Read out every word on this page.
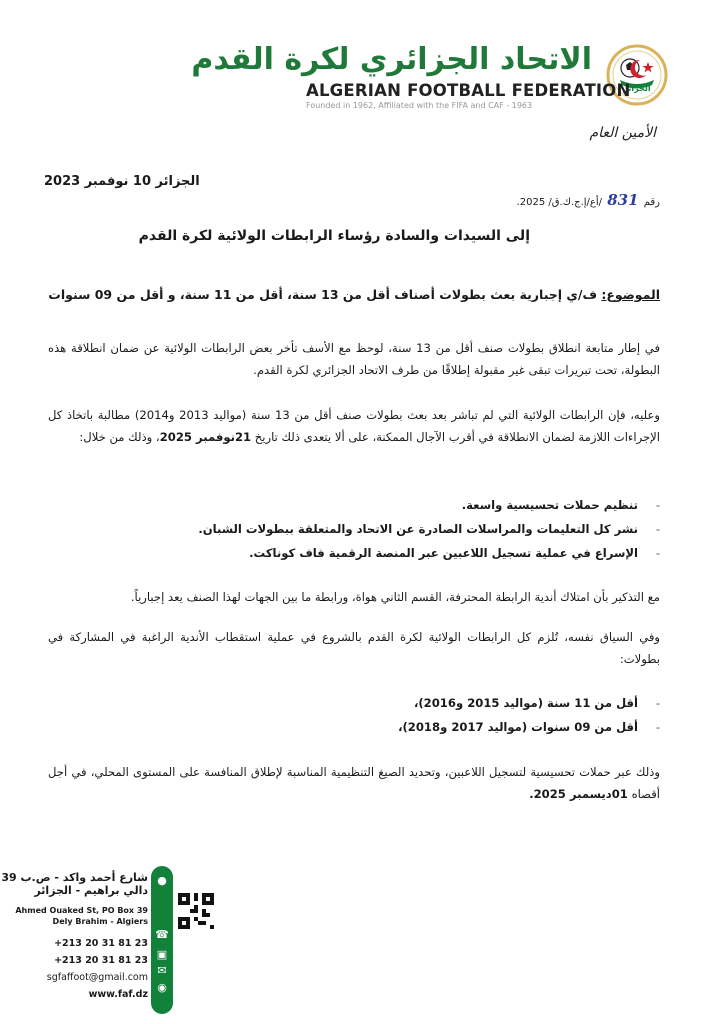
الجزائر
الاتحاد الجزائري لكرة القدم
ALGERIAN FOOTBALL FEDERATION
Founded in 1962, Affiliated with the FIFA and CAF - 1963
الأمين العام
الجزائر 10 نوفمبر 2023
رقم 831 /أع/إ.ج.ك.ق/ 2025.
إلى السيدات والسادة رؤساء الرابطات الولائية لكرة القدم
الموضوع: ف/ي إجبارية بعث بطولات أصناف أقل من 13 سنة، أقل من 11 سنة، و أقل من 09 سنوات
في إطار متابعة انطلاق بطولات صنف أقل من 13 سنة، لوحظ مع الأسف تأخر بعض الرابطات الولائية عن ضمان انطلاقة هذه البطولة، تحت تبريرات تبقى غير مقبولة إطلاقًا من طرف الاتحاد الجزائري لكرة القدم.
وعليه، فإن الرابطات الولائية التي لم تباشر بعد بعث بطولات صنف أقل من 13 سنة (مواليد 2013 و2014) مطالبة باتخاذ كل الإجراءات اللازمة لضمان الانطلاقة في أقرب الآجال الممكنة، على ألا يتعدى ذلك تاريخ 21نوفمبر 2025، وذلك من خلال:
- تنظيم حملات تحسيسية واسعة.
- نشر كل التعليمات والمراسلات الصادرة عن الاتحاد والمتعلقة ببطولات الشبان.
- الإسراع في عملية تسجيل اللاعبين عبر المنصة الرقمية فاف كوناكت.
مع التذكير بأن امتلاك أندية الرابطة المحترفة، القسم الثاني هواة، ورابطة ما بين الجهات لهذا الصنف يعد إجبارياً.
وفي السياق نفسه، تُلزم كل الرابطات الولائية لكرة القدم بالشروع في عملية استقطاب الأندية الراغبة في المشاركة في بطولات:
- أقل من 11 سنة (مواليد 2015 و2016)،
- أقل من 09 سنوات (مواليد 2017 و2018)،
وذلك عبر حملات تحسيسية لتسجيل اللاعبين، وتحديد الصيغ التنظيمية المناسبة لإطلاق المنافسة على المستوى المحلي، في أجل أقصاه 01ديسمبر 2025.
شارع أحمد واكد - ص.ب 39
دالي براهيم - الجزائر
Ahmed Ouaked St, PO Box 39
Dely Brahim - Algiers
+213 20 31 81 23
+213 20 31 81 23
sgfaffoot@gmail.com
www.faf.dz
●
☎
▣
✉
◉
